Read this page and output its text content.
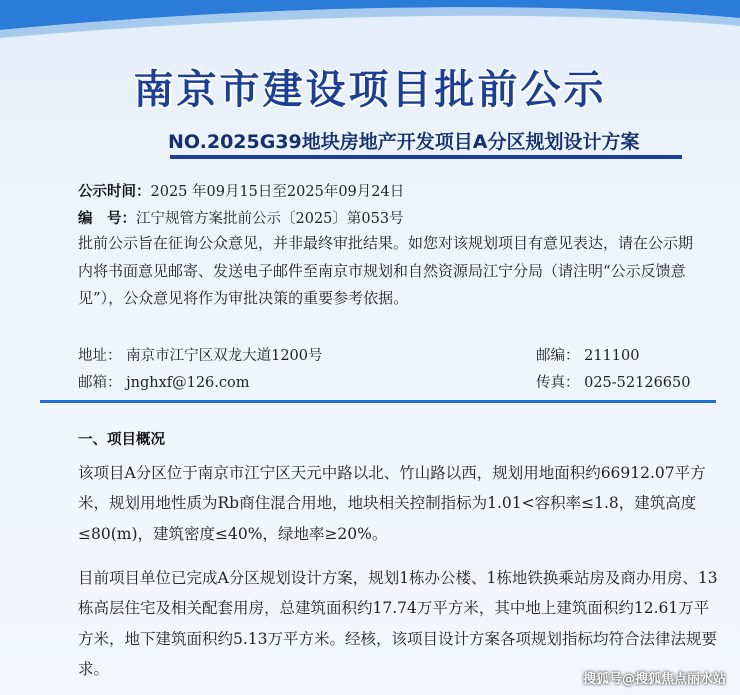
南京市建设项目批前公示
NO.2025G39地块房地产开发项目A分区规划设计方案
公示时间：2025 年09月15日至2025年09月24日
编　号：江宁规管方案批前公示〔2025〕第053号

批前公示旨在征询公众意见，并非最终审批结果。如您对该规划项目有意见表达，请在公示期内将书面意见邮寄、发送电子邮件至南京市规划和自然资源局江宁分局（请注明“公示反馈意见”），公众意见将作为审批决策的重要参考依据。

地址： 南京市江宁区双龙大道1200号	邮编： 211100
邮箱： jnghxf@126.com	传真： 025-52126650
一、项目概况

该项目A分区位于南京市江宁区天元中路以北、竹山路以西，规划用地面积约66912.07平方米，规划用地性质为Rb商住混合用地，地块相关控制指标为1.01<容积率≤1.8，建筑高度≤80(m)，建筑密度≤40%，绿地率≥20%。

目前项目单位已完成A分区规划设计方案，规划1栋办公楼、1栋地铁换乘站房及商办用房、13栋高层住宅及相关配套用房，总建筑面积约17.74万平方米，其中地上建筑面积约12.61万平方米，地下建筑面积约5.13万平方米。经核，该项目设计方案各项规划指标均符合法律法规要求。

搜狐号@搜狐焦点丽水站
